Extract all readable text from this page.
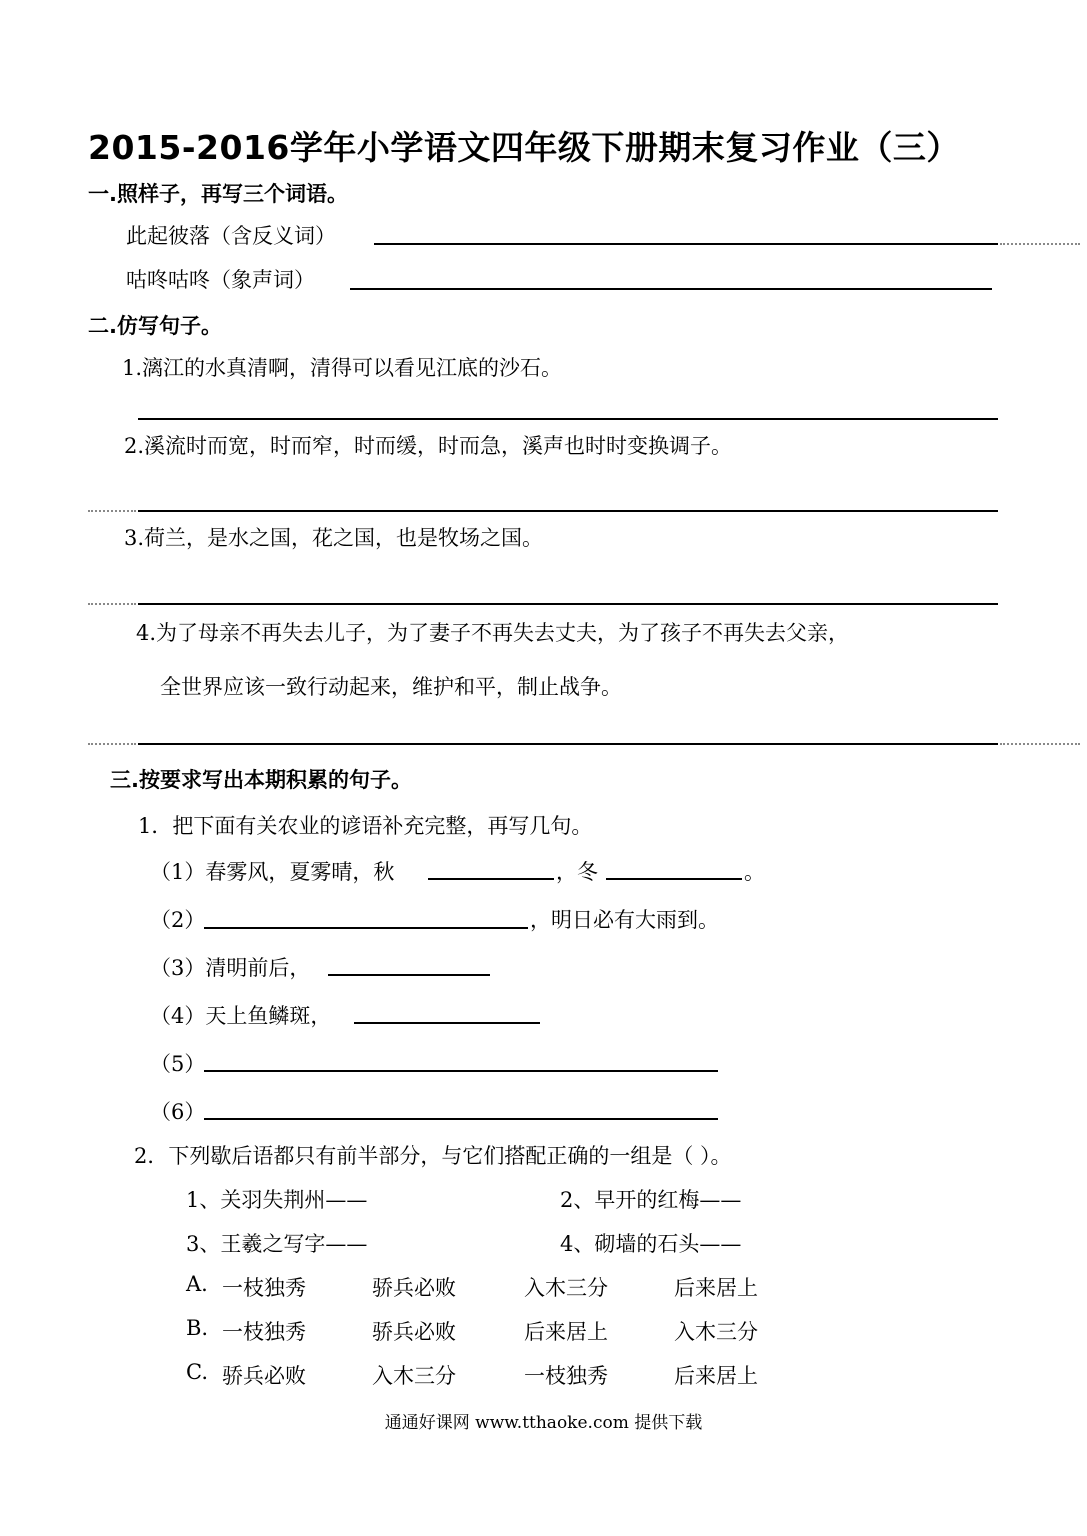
2015-2016学年小学语文四年级下册期末复习作业（三）
一.照样子，再写三个词语。
此起彼落（含反义词）
咕咚咕咚（象声词）
二.仿写句子。
1.漓江的水真清啊，清得可以看见江底的沙石。
2.溪流时而宽，时而窄，时而缓，时而急，溪声也时时变换调子。
3.荷兰，是水之国，花之国，也是牧场之国。
4.为了母亲不再失去儿子，为了妻子不再失去丈夫，为了孩子不再失去父亲，
全世界应该一致行动起来，维护和平，制止战争。
三.按要求写出本期积累的句子。
1．把下面有关农业的谚语补充完整，再写几句。
（1）春雾风，夏雾晴，秋	，冬	。
（2）	，明日必有大雨到。
（3）清明前后，
（4）天上鱼鳞斑，
（5）
（6）
2．下列歇后语都只有前半部分，与它们搭配正确的一组是（ ）。
1、关羽失荆州——	2、早开的红梅——
3、王羲之写字——	4、砌墙的石头——
A. 一枝独秀	骄兵必败	入木三分	后来居上
B. 一枝独秀	骄兵必败	后来居上	入木三分
C. 骄兵必败	入木三分	一枝独秀	后来居上
通通好课网 www.tthaoke.com 提供下载
